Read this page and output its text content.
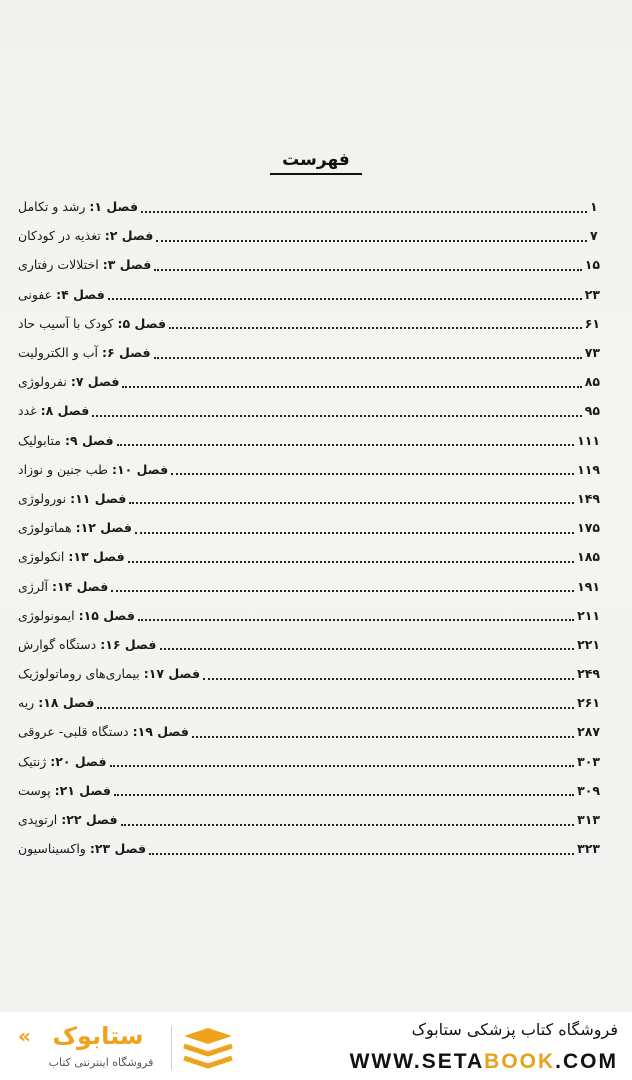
فهرست
فصل ۱: رشد و تکامل	۱
فصل ۲: تغذیه در کودکان	۷
فصل ۳: اختلالات رفتاری	۱۵
فصل ۴: عفونی	۲۳
فصل ۵: کودک با آسیب حاد	۶۱
فصل ۶: آب و الکترولیت	۷۳
فصل ۷: نفرولوژی	۸۵
فصل ۸: غدد	۹۵
فصل ۹: متابولیک	۱۱۱
فصل ۱۰: طب جنین و نوزاد	۱۱۹
فصل ۱۱: نورولوژی	۱۴۹
فصل ۱۲: هماتولوژی	۱۷۵
فصل ۱۳: انکولوژی	۱۸۵
فصل ۱۴: آلرژی	۱۹۱
فصل ۱۵: ایمونولوژی	۲۱۱
فصل ۱۶: دستگاه گوارش	۲۲۱
فصل ۱۷: بیماری‌های روماتولوژیک	۲۴۹
فصل ۱۸: ریه	۲۶۱
فصل ۱۹: دستگاه قلبی- عروقی	۲۸۷
فصل ۲۰: ژنتیک	۳۰۳
فصل ۲۱: پوست	۳۰۹
فصل ۲۲: ارتوپدی	۳۱۳
فصل ۲۳: واکسیناسیون	۳۲۳
« ستابوک
فروشگاه اینترنتی کتاب
فروشگاه کتاب پزشکی ستابوک
WWW.SETABOOK.COM
